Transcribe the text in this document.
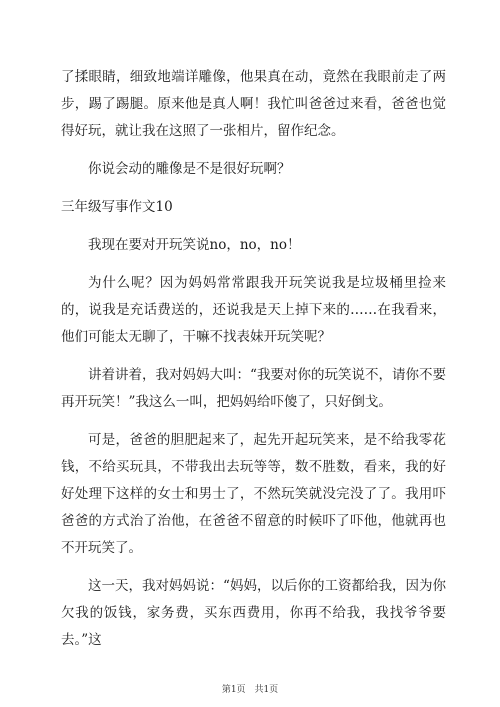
了揉眼睛，细致地端详雕像，他果真在动，竟然在我眼前走了两步，踢了踢腿。原来他是真人啊！我忙叫爸爸过来看，爸爸也觉得好玩，就让我在这照了一张相片，留作纪念。

你说会动的雕像是不是很好玩啊？

三年级写事作文10

我现在要对开玩笑说no，no，no！

为什么呢？因为妈妈常常跟我开玩笑说我是垃圾桶里捡来的，说我是充话费送的，还说我是天上掉下来的……在我看来，他们可能太无聊了，干嘛不找表妹开玩笑呢？

讲着讲着，我对妈妈大叫：“我要对你的玩笑说不，请你不要再开玩笑！”我这么一叫，把妈妈给吓傻了，只好倒戈。

可是，爸爸的胆肥起来了，起先开起玩笑来，是不给我零花钱，不给买玩具，不带我出去玩等等，数不胜数，看来，我的好好处理下这样的女士和男士了，不然玩笑就没完没了了。我用吓爸爸的方式治了治他，在爸爸不留意的时候吓了吓他，他就再也不开玩笑了。

这一天，我对妈妈说：“妈妈，以后你的工资都给我，因为你欠我的饭钱，家务费，买东西费用，你再不给我，我找爷爷要去。”这

第1页 共1页
